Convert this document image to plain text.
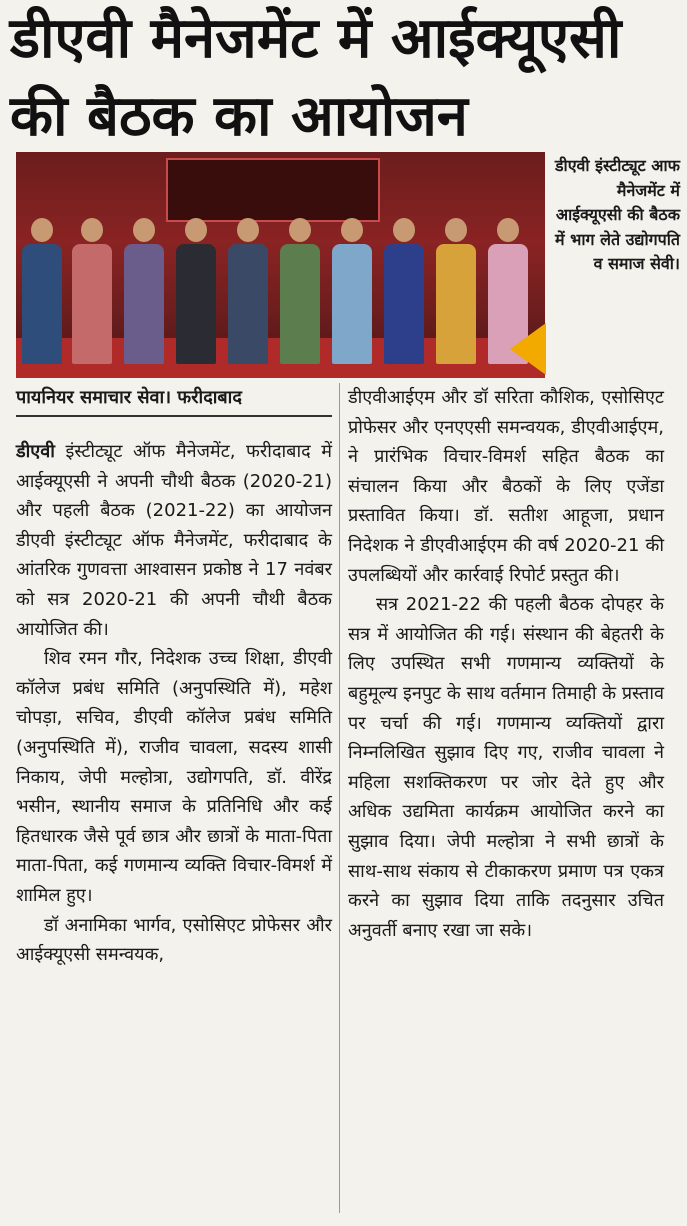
डीएवी मैनेजमेंट में आईक्यूएसी की बैठक का आयोजन

डीएवी इंस्टीट्यूट आफ मैनेजमेंट में आईक्यूएसी की बैठक में भाग लेते उद्योगपति व समाज सेवी।

पायनियर समाचार सेवा। फरीदाबाद

डीएवी इंस्टीट्यूट ऑफ मैनेजमेंट, फरीदाबाद में आईक्यूएसी ने अपनी चौथी बैठक (2020-21) और पहली बैठक (2021-22) का आयोजन डीएवी इंस्टीट्यूट ऑफ मैनेजमेंट, फरीदाबाद के आंतरिक गुणवत्ता आश्वासन प्रकोष्ठ ने 17 नवंबर को सत्र 2020-21 की अपनी चौथी बैठक आयोजित की।

शिव रमन गौर, निदेशक उच्च शिक्षा, डीएवी कॉलेज प्रबंध समिति (अनुपस्थिति में), महेश चोपड़ा, सचिव, डीएवी कॉलेज प्रबंध समिति (अनुपस्थिति में), राजीव चावला, सदस्य शासी निकाय, जेपी मल्होत्रा, उद्योगपति, डॉ. वीरेंद्र भसीन, स्थानीय समाज के प्रतिनिधि और कई हितधारक जैसे पूर्व छात्र और छात्रों के माता-पिता माता-पिता, कई गणमान्य व्यक्ति विचार-विमर्श में शामिल हुए।

डॉ अनामिका भार्गव, एसोसिएट प्रोफेसर और आईक्यूएसी समन्वयक,

डीएवीआईएम और डॉ सरिता कौशिक, एसोसिएट प्रोफेसर और एनएएसी समन्वयक, डीएवीआईएम, ने प्रारंभिक विचार-विमर्श सहित बैठक का संचालन किया और बैठकों के लिए एजेंडा प्रस्तावित किया। डॉ. सतीश आहूजा, प्रधान निदेशक ने डीएवीआईएम की वर्ष 2020-21 की उपलब्धियों और कार्रवाई रिपोर्ट प्रस्तुत की।

सत्र 2021-22 की पहली बैठक दोपहर के सत्र में आयोजित की गई। संस्थान की बेहतरी के लिए उपस्थित सभी गणमान्य व्यक्तियों के बहुमूल्य इनपुट के साथ वर्तमान तिमाही के प्रस्ताव पर चर्चा की गई। गणमान्य व्यक्तियों द्वारा निम्नलिखित सुझाव दिए गए, राजीव चावला ने महिला सशक्तिकरण पर जोर देते हुए और अधिक उद्यमिता कार्यक्रम आयोजित करने का सुझाव दिया। जेपी मल्होत्रा ने सभी छात्रों के साथ-साथ संकाय से टीकाकरण प्रमाण पत्र एकत्र करने का सुझाव दिया ताकि तदनुसार उचित अनुवर्ती बनाए रखा जा सके।
